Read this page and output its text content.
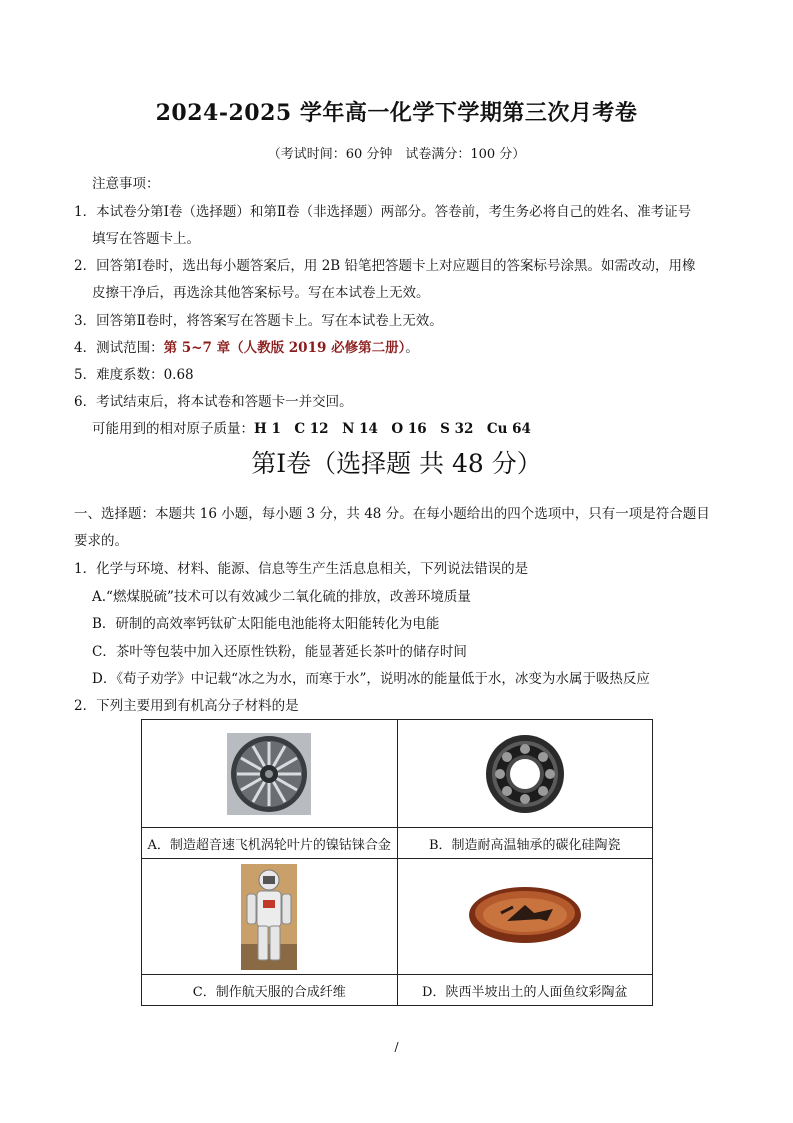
2024-2025 学年高一化学下学期第三次月考卷
（考试时间：60 分钟　试卷满分：100 分）
注意事项：
1．本试卷分第Ⅰ卷（选择题）和第Ⅱ卷（非选择题）两部分。答卷前，考生务必将自己的姓名、准考证号
填写在答题卡上。
2．回答第Ⅰ卷时，选出每小题答案后，用 2B 铅笔把答题卡上对应题目的答案标号涂黑。如需改动，用橡
皮擦干净后，再选涂其他答案标号。写在本试卷上无效。
3．回答第Ⅱ卷时，将答案写在答题卡上。写在本试卷上无效。
4．测试范围：第 5~7 章（人教版 2019 必修第二册）。
5．难度系数：0.68
6．考试结束后，将本试卷和答题卡一并交回。
可能用到的相对原子质量：H 1　C 12　N 14　O 16　S 32　Cu 64
第Ⅰ卷（选择题 共 48 分）
一、选择题：本题共 16 小题，每小题 3 分，共 48 分。在每小题给出的四个选项中，只有一项是符合题目
要求的。
1．化学与环境、材料、能源、信息等生产生活息息相关，下列说法错误的是
A.“燃煤脱硫”技术可以有效减少二氧化硫的排放，改善环境质量
B．研制的高效率钙钛矿太阳能电池能将太阳能转化为电能
C．茶叶等包装中加入还原性铁粉，能显著延长茶叶的储存时间
D．《荀子劝学》中记载“冰之为水，而寒于水”，说明冰的能量低于水，冰变为水属于吸热反应
2．下列主要用到有机高分子材料的是

A．制造超音速飞机涡轮叶片的镍钴铼合金	B．制造耐高温轴承的碳化硅陶瓷

C．制作航天服的合成纤维	D．陕西半坡出土的人面鱼纹彩陶盆
/
